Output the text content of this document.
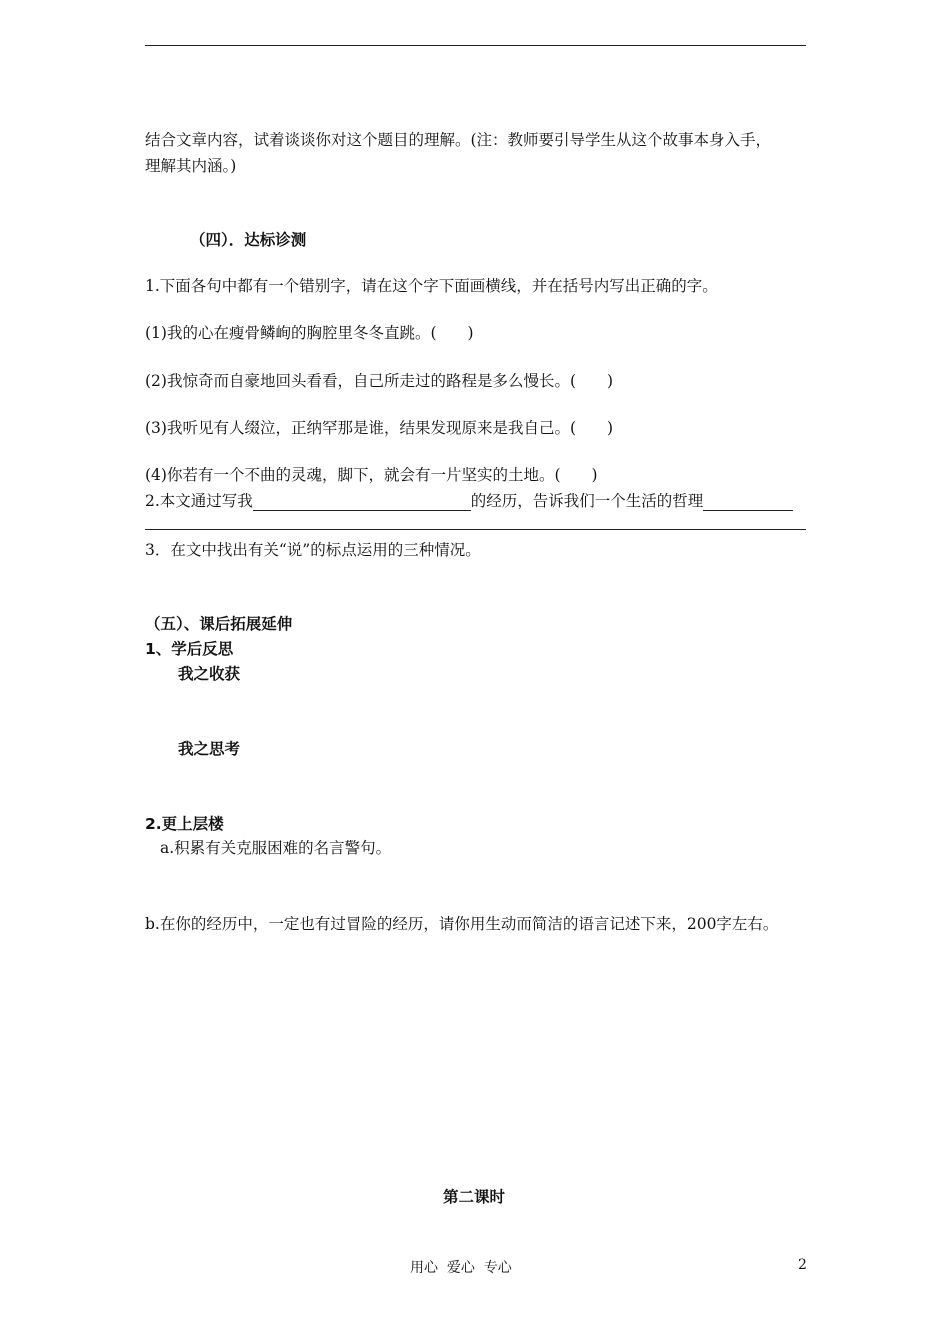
结合文章内容，试着谈谈你对这个题目的理解。(注：教师要引导学生从这个故事本身入手，
理解其内涵。)
（四）．达标诊测
1.下面各句中都有一个错别字，请在这个字下面画横线，并在括号内写出正确的字。
(1)我的心在瘦骨鳞峋的胸腔里冬冬直跳。(　　)
(2)我惊奇而自豪地回头看看，自己所走过的路程是多么慢长。(　　)
(3)我听见有人缀泣，正纳罕那是谁，结果发现原来是我自己。(　　)
(4)你若有一个不曲的灵魂，脚下，就会有一片坚实的土地。(　　)
2.本文通过写我	的经历，告诉我们一个生活的哲理
3．在文中找出有关“说”的标点运用的三种情况。
（五）、课后拓展延伸
1、学后反思
我之收获
我之思考
2.更上层楼
a.积累有关克服困难的名言警句。
b.在你的经历中，一定也有过冒险的经历，请你用生动而简洁的语言记述下来，200字左右。
第二课时
用心  爱心  专心	2
